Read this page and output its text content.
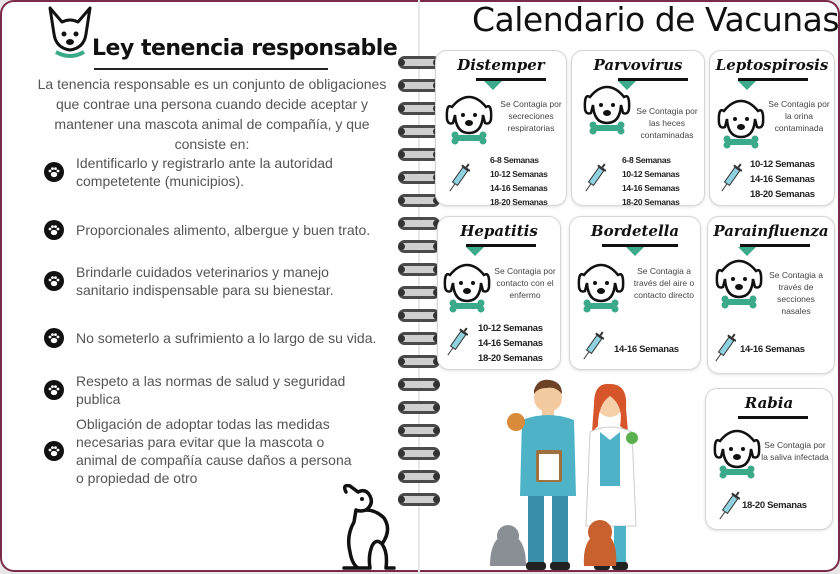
Ley tenencia responsable
La tenencia responsable es un conjunto de obligaciones que contrae una persona cuando decide aceptar y mantener una mascota animal de compañía, y que consiste en:
Identificarlo y registrarlo ante la autoridad competetente (municipios).
Proporcionales alimento, albergue y buen trato.
Brindarle cuidados veterinarios y manejo sanitario indispensable para su bienestar.
No someterlo a sufrimiento a lo largo de su vida.
Respeto a las normas de salud y seguridad publica
Obligación de adoptar todas las medidas necesarias para evitar que la mascota o animal de compañía cause daños a persona o propiedad de otro
Calendario de Vacunas
Distemper
Se Contagia por secreciones respiratorias
6-8 Semanas
10-12 Semanas
14-16 Semanas
18-20 Semanas
Parvovirus
Se Contagia por las heces contaminadas
6-8 Semanas
10-12 Semanas
14-16 Semanas
18-20 Semanas
Leptospirosis
Se Contagia por la orina contaminada
10-12 Semanas
14-16 Semanas
18-20 Semanas
Hepatitis
Se Contagia por contacto con el enfermo
10-12 Semanas
14-16 Semanas
18-20 Semanas
Bordetella
Se Contagia a través del aire o contacto directo
14-16 Semanas
Parainfluenza
Se Contagia a través de secciones nasales
14-16 Semanas
Rabia
Se Contagia por la saliva infectada
18-20 Semanas
